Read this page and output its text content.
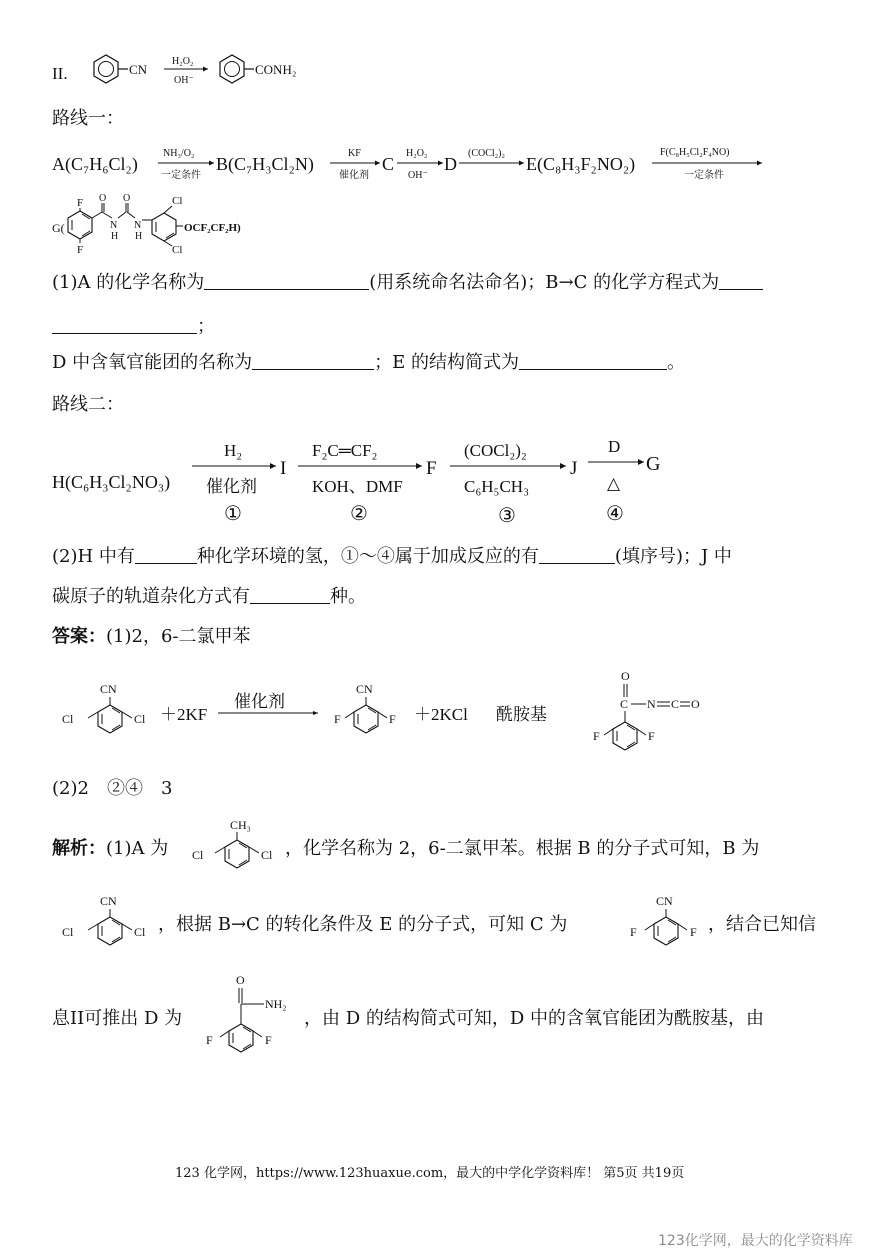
II.	CN
H₂O₂
OH⁻
CONH₂
路线一：
A(C₇H₆Cl₂)
NH₃/O₂
一定条件
B(C₇H₃Cl₂N)
KF
催化剂
C
H₂O₂
OH⁻
D
(COCl₂)₂
E(C₈H₃F₂NO₂)
F(C₈H₅Cl₂F₄NO)
一定条件
G(
F
F
O
N
H
O
N
H
Cl
Cl
OCF₂CF₂H)
(1)A 的化学名称为	(用系统命名法命名)；B→C 的化学方程式为
；
D 中含氧官能团的名称为	；E 的结构简式为	。
路线二：
H(C₆H₃Cl₂NO₃)
H₂
催化剂
①
I
F₂C═CF₂
KOH、DMF
②
F
(COCl₂)₂
C₆H₅CH₃
③
J
D
△
④
G
(2)H 中有	种化学环境的氢，①～④属于加成反应的有	(填序号)；J 中
碳原子的轨道杂化方式有	种。
答案：(1)2，6-二氯甲苯
CN
Cl	Cl ＋2KF
催化剂
CN
F	F ＋2KCl 酰胺基
O
C N C O
F	F
(2)2　②④　3
解析：(1)A 为	，化学名称为 2，6-二氯甲苯。根据 B 的分子式可知，B 为
，根据 B→C 的转化条件及 E 的分子式，可知 C 为	，结合已知信
息II可推出 D 为	，由 D 的结构简式可知，D 中的含氧官能团为酰胺基，由
CH₃
Cl	Cl
CN
Cl	Cl
CN
F	F
O
NH₂
F	F
123 化学网，https://www.123huaxue.com，最大的中学化学资料库！ 第5页 共19页
123化学网，最大的化学资料库
